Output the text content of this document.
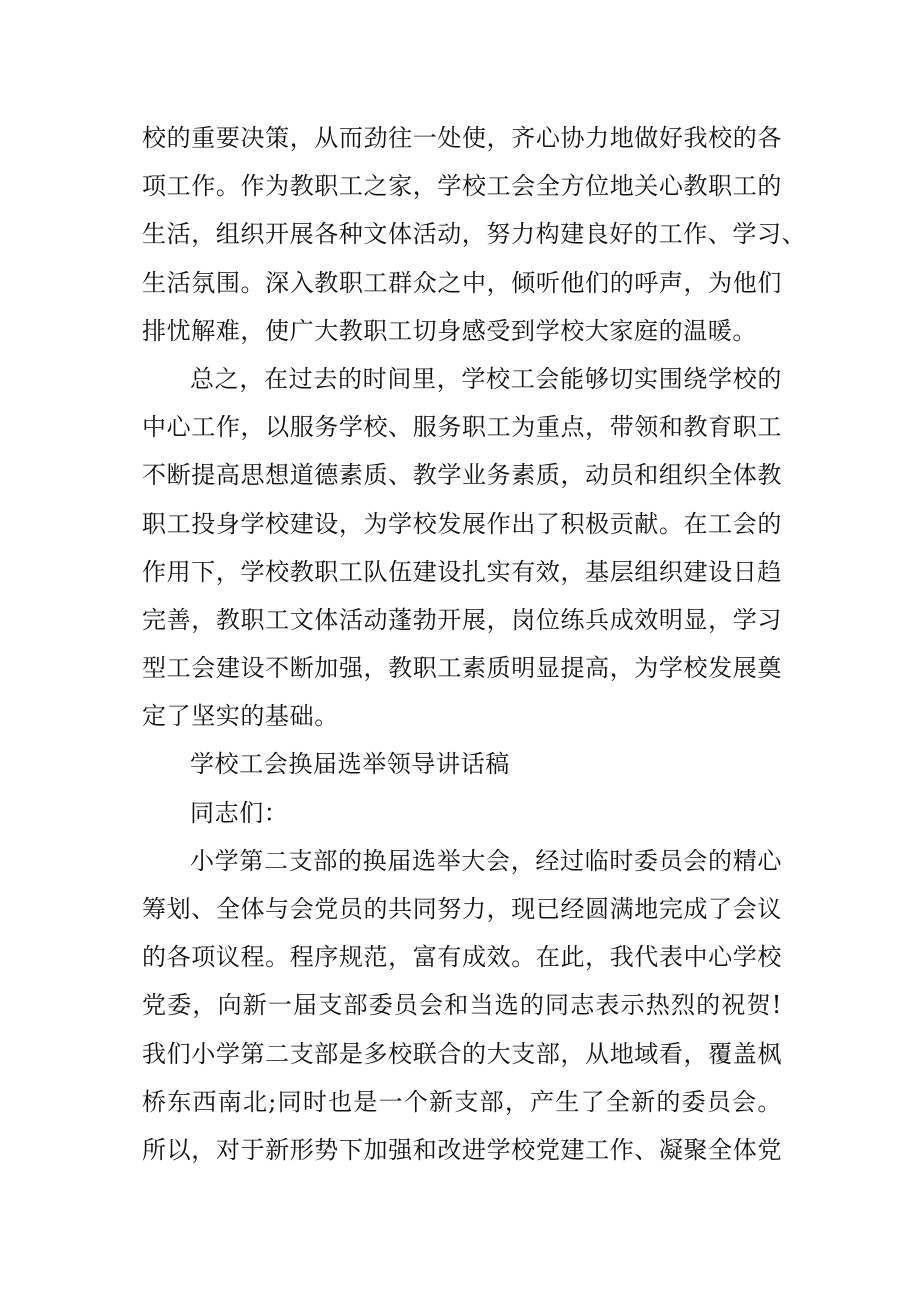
校的重要决策，从而劲往一处使，齐心协力地做好我校的各
项工作。作为教职工之家，学校工会全方位地关心教职工的
生活，组织开展各种文体活动，努力构建良好的工作、学习、
生活氛围。深入教职工群众之中，倾听他们的呼声，为他们
排忧解难，使广大教职工切身感受到学校大家庭的温暖。
总之，在过去的时间里，学校工会能够切实围绕学校的
中心工作，以服务学校、服务职工为重点，带领和教育职工
不断提高思想道德素质、教学业务素质，动员和组织全体教
职工投身学校建设，为学校发展作出了积极贡献。在工会的
作用下，学校教职工队伍建设扎实有效，基层组织建设日趋
完善，教职工文体活动蓬勃开展，岗位练兵成效明显，学习
型工会建设不断加强，教职工素质明显提高，为学校发展奠
定了坚实的基础。
学校工会换届选举领导讲话稿
同志们：
小学第二支部的换届选举大会，经过临时委员会的精心
筹划、全体与会党员的共同努力，现已经圆满地完成了会议
的各项议程。程序规范，富有成效。在此，我代表中心学校
党委，向新一届支部委员会和当选的同志表示热烈的祝贺!
我们小学第二支部是多校联合的大支部，从地域看，覆盖枫
桥东西南北;同时也是一个新支部，产生了全新的委员会。
所以，对于新形势下加强和改进学校党建工作、凝聚全体党
